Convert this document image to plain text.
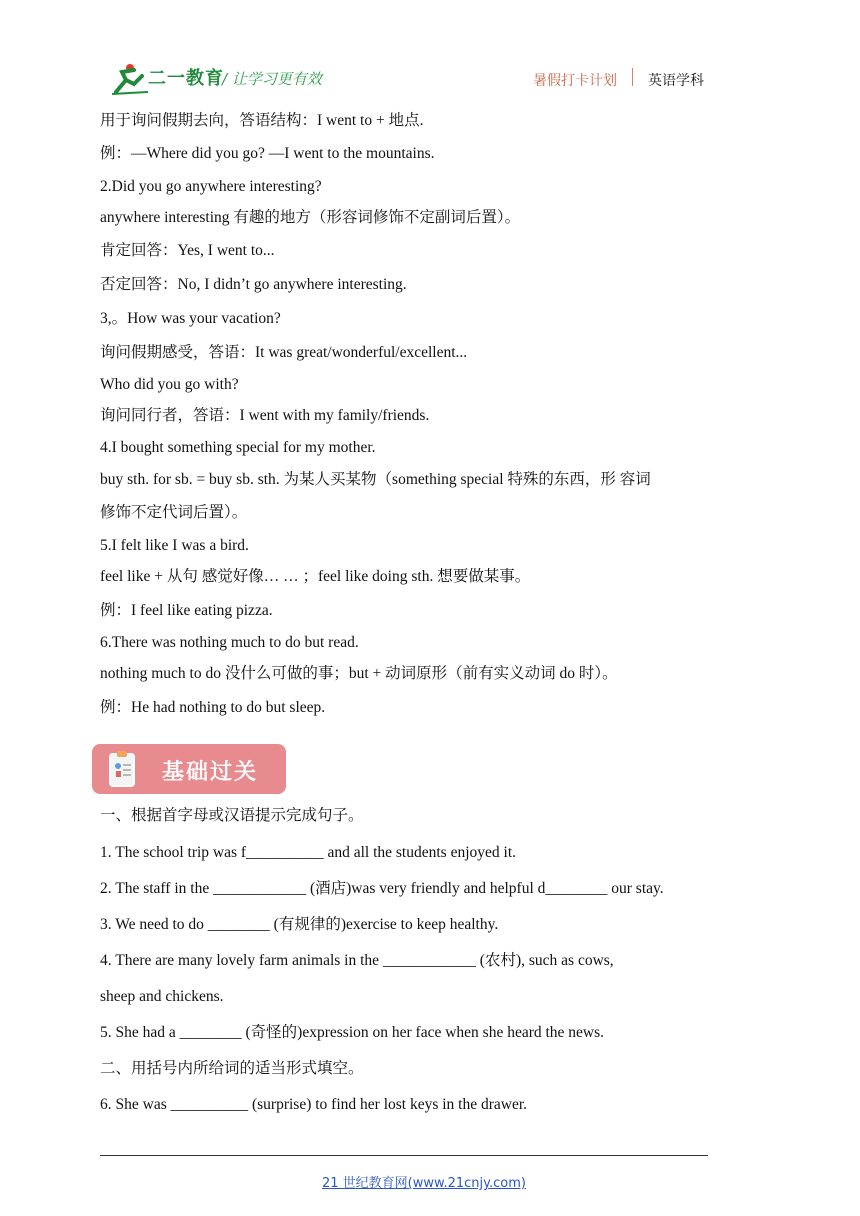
二一教育
/ 让学习更有效	暑假打卡计划 英语学科
用于询问假期去向，答语结构：I went to + 地点.
例：—Where did you go? —I went to the mountains.
2.Did you go anywhere interesting?
anywhere interesting 有趣的地方（形容词修饰不定副词后置）。
肯定回答：Yes, I went to...
否定回答：No, I didn’t go anywhere interesting.
3,。How was your vacation?
询问假期感受，答语：It was great/wonderful/excellent...
Who did you go with?
询问同行者，答语：I went with my family/friends.
4.I bought something special for my mother.
buy sth. for sb. = buy sb. sth. 为某人买某物（something special 特殊的东西，形 容词
修饰不定代词后置）。
5.I felt like I was a bird.
feel like + 从句 感觉好像… … ；feel like doing sth. 想要做某事。
例：I feel like eating pizza.
6.There was nothing much to do but read.
nothing much to do 没什么可做的事；but + 动词原形（前有实义动词 do 时）。
例：He had nothing to do but sleep.
基础过关
一、根据首字母或汉语提示完成句子。
1. The school trip was f__________ and all the students enjoyed it.
2. The staff in the ____________ (酒店)was very friendly and helpful d________ our stay.
3. We need to do ________ (有规律的)exercise to keep healthy.
4. There are many lovely farm animals in the ____________ (农村), such as cows,
sheep and chickens.
5. She had a ________ (奇怪的)expression on her face when she heard the news.
二、用括号内所给词的适当形式填空。
6. She was __________ (surprise) to find her lost keys in the drawer.
21 世纪教育网(www.21cnjy.com)
